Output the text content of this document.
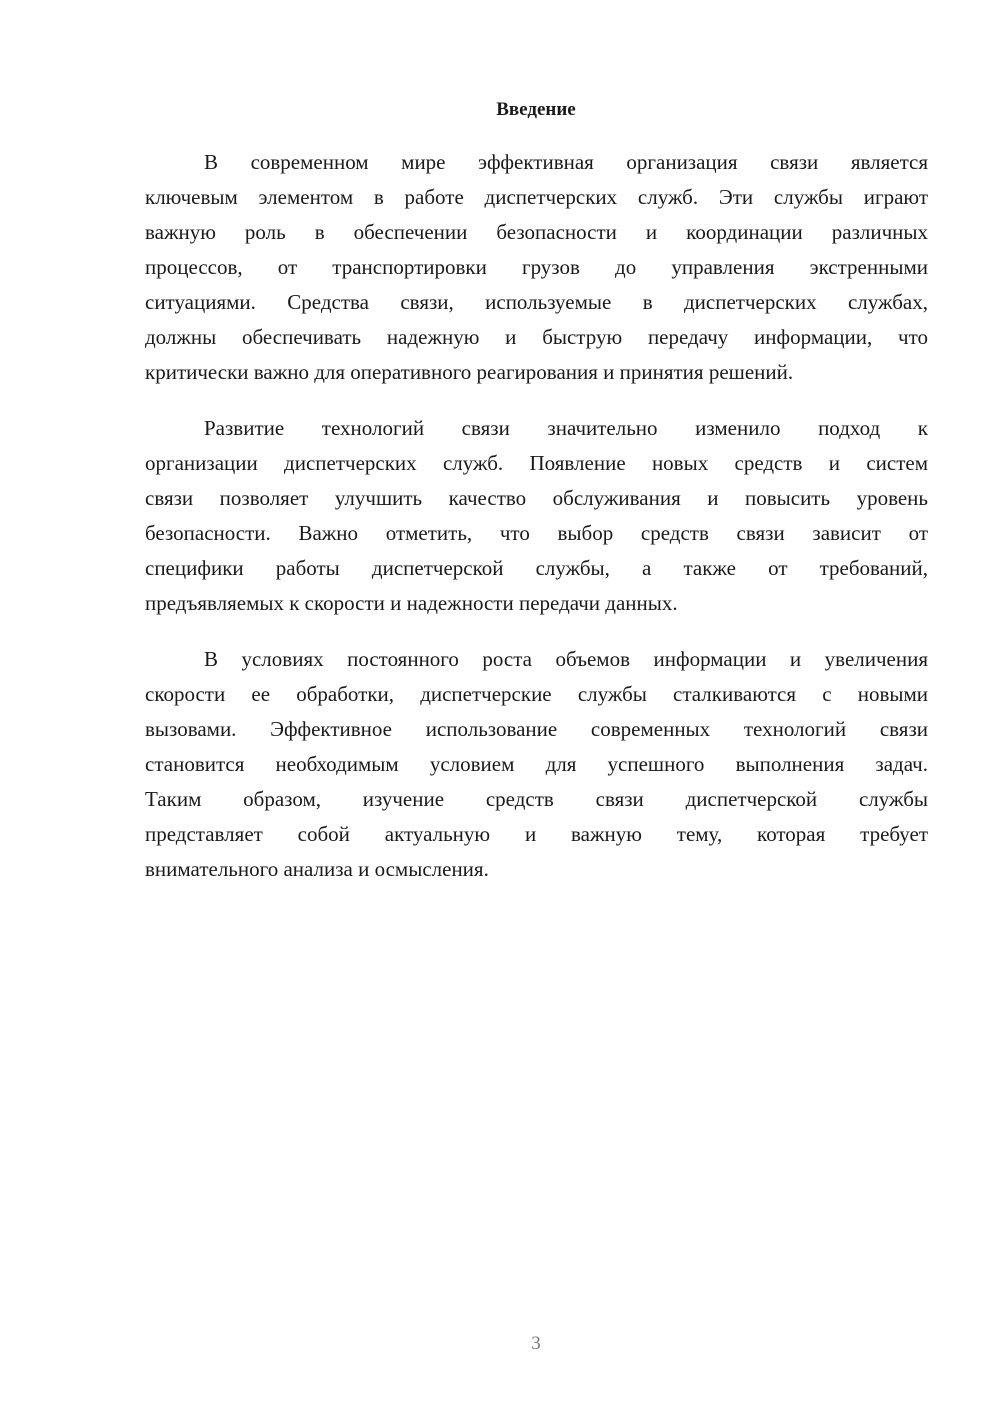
Введение
В современном мире эффективная организация связи является
ключевым элементом в работе диспетчерских служб. Эти службы играют
важную роль в обеспечении безопасности и координации различных
процессов, от транспортировки грузов до управления экстренными
ситуациями. Средства связи, используемые в диспетчерских службах,
должны обеспечивать надежную и быструю передачу информации, что
критически важно для оперативного реагирования и принятия решений.
Развитие технологий связи значительно изменило подход к
организации диспетчерских служб. Появление новых средств и систем
связи позволяет улучшить качество обслуживания и повысить уровень
безопасности. Важно отметить, что выбор средств связи зависит от
специфики работы диспетчерской службы, а также от требований,
предъявляемых к скорости и надежности передачи данных.
В условиях постоянного роста объемов информации и увеличения
скорости ее обработки, диспетчерские службы сталкиваются с новыми
вызовами. Эффективное использование современных технологий связи
становится необходимым условием для успешного выполнения задач.
Таким образом, изучение средств связи диспетчерской службы
представляет собой актуальную и важную тему, которая требует
внимательного анализа и осмысления.
3
